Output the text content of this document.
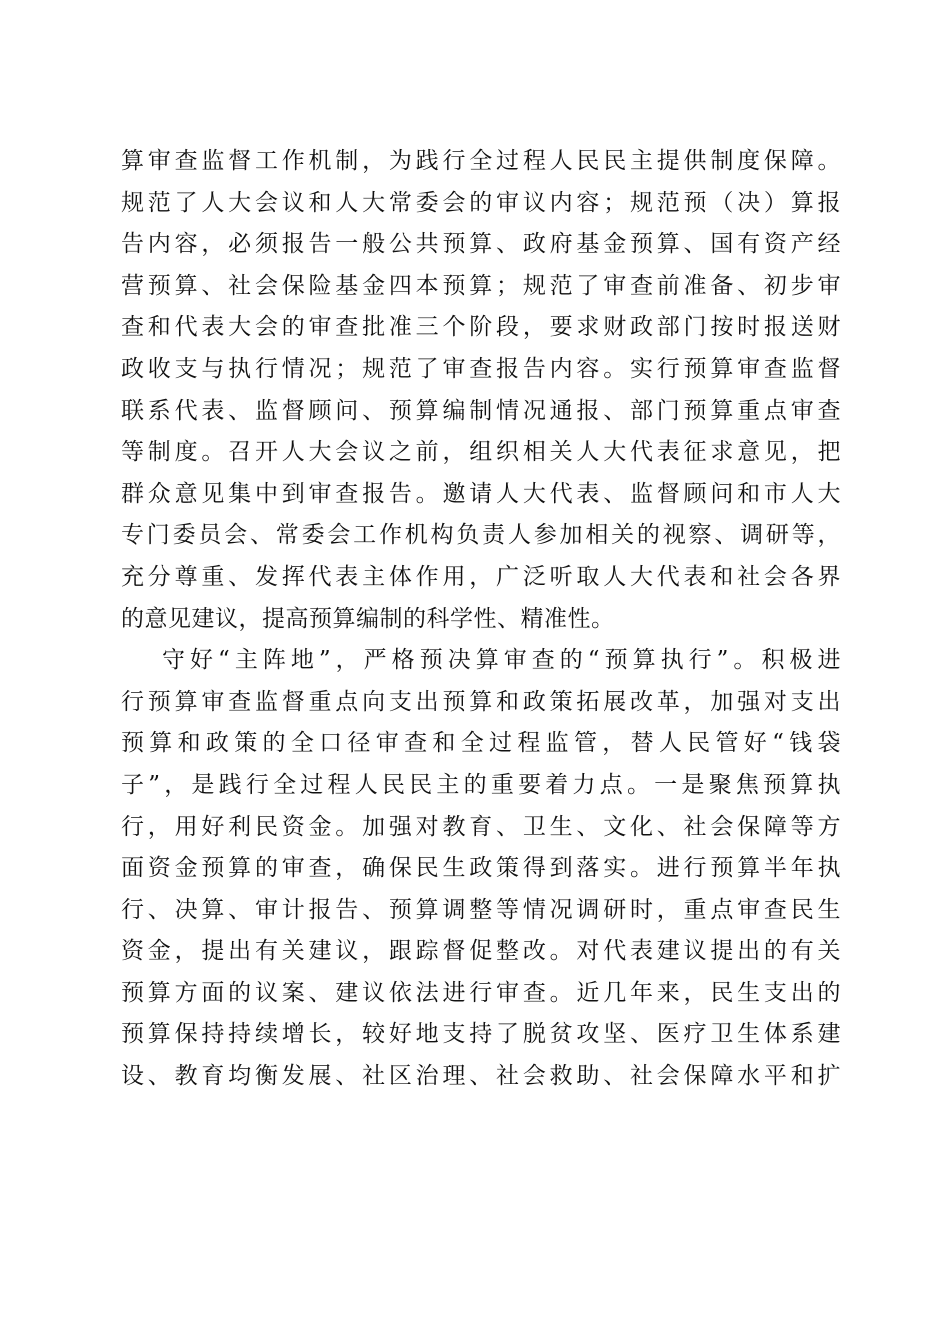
算审查监督工作机制，为践行全过程人民民主提供制度保障。
规范了人大会议和人大常委会的审议内容；规范预（决）算报
告内容，必须报告一般公共预算、政府基金预算、国有资产经
营预算、社会保险基金四本预算；规范了审查前准备、初步审
查和代表大会的审查批准三个阶段，要求财政部门按时报送财
政收支与执行情况；规范了审查报告内容。实行预算审查监督
联系代表、监督顾问、预算编制情况通报、部门预算重点审查
等制度。召开人大会议之前，组织相关人大代表征求意见，把
群众意见集中到审查报告。邀请人大代表、监督顾问和市人大
专门委员会、常委会工作机构负责人参加相关的视察、调研等，
充分尊重、发挥代表主体作用，广泛听取人大代表和社会各界
的意见建议，提高预算编制的科学性、精准性。
守好“主阵地”，严格预决算审查的“预算执行”。积极进
行预算审查监督重点向支出预算和政策拓展改革，加强对支出
预算和政策的全口径审查和全过程监管，替人民管好“钱袋
子”，是践行全过程人民民主的重要着力点。一是聚焦预算执
行，用好利民资金。加强对教育、卫生、文化、社会保障等方
面资金预算的审查，确保民生政策得到落实。进行预算半年执
行、决算、审计报告、预算调整等情况调研时，重点审查民生
资金，提出有关建议，跟踪督促整改。对代表建议提出的有关
预算方面的议案、建议依法进行审查。近几年来，民生支出的
预算保持持续增长，较好地支持了脱贫攻坚、医疗卫生体系建
设、教育均衡发展、社区治理、社会救助、社会保障水平和扩
